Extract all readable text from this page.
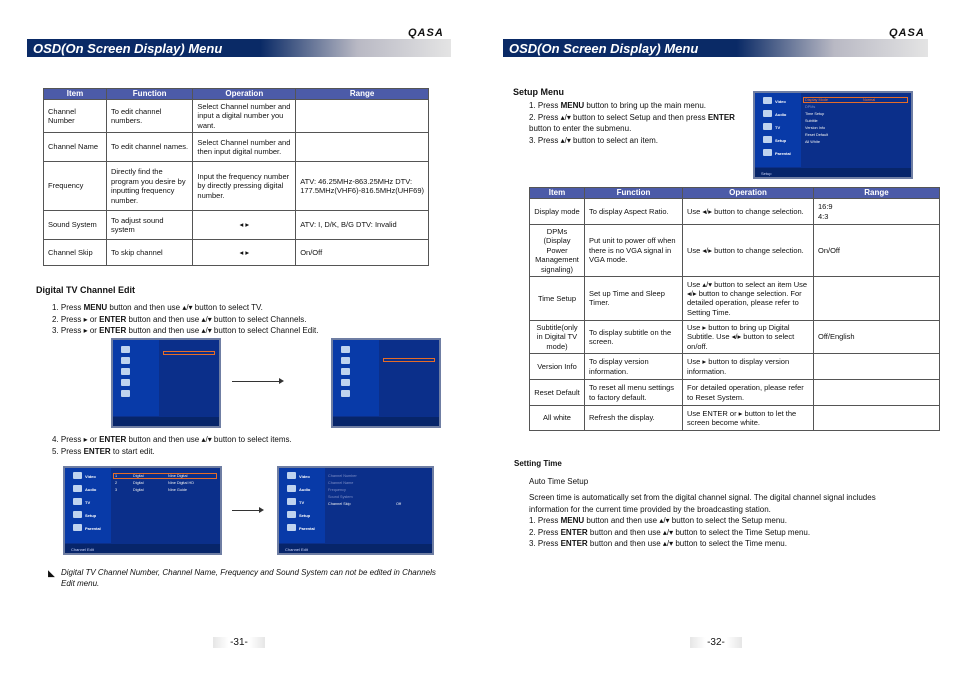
QASA
OSD(On Screen Display) Menu
Item	Function	Operation	Range
Channel Number	To edit channel numbers.	Select Channel number and input a digital number you want.	
Channel Name	To edit channel names.	Select Channel number and then input digital number.	
Frequency	Directly find the program you desire by inputting frequency number.	Input the frequency number by directly pressing digital number.	ATV: 46.25MHz-863.25MHz DTV: 177.5MHz(VHF6)-816.5MHz(UHF69)
Sound System	To adjust sound system	◂ ▸	ATV: I, D/K, B/G DTV: Invalid
Channel Skip	To skip channel	◂ ▸	On/Off
Digital TV Channel Edit
1. Press MENU button and then use ▴/▾ button to select TV.
2. Press ▸ or ENTER button and then use ▴/▾ button to select Channels.
3. Press ▸ or ENTER button and then use ▴/▾ button to select Channel Edit.
4. Press ▸ or ENTER button and then use ▴/▾ button to select items.
5. Press ENTER to start edit.
Video
Audio
TV
Setup
Parental
1	Digital	Nine Digital
2	Digital	Nine Digital HD
3	Digital	Nine Guide
Channel Edit
Video
Audio
TV
Setup
Parental
Channel Number
Channel Name
Frequency
Sound System
Channel Skip	Off
Channel Edit
◣ Digital TV Channel Number, Channel Name, Frequency and Sound System can not be edited in Channels Edit menu.
-31-
QASA
OSD(On Screen Display) Menu
Setup Menu
1. Press MENU button to bring up the main menu.
2. Press ▴/▾ button to select Setup and then press ENTER button to enter the submenu.
3. Press ▴/▾ button to select an item.
Video
Audio
TV
Setup
Parental
Display Mode	Normal
DPMs
Time Setup
Subtitle
Version Info
Reset Default
All White
Setup
Item	Function	Operation	Range
Display mode	To display Aspect Ratio.	Use ◂/▸ button to change selection.	16:9
4:3
DPMs (Display Power Management signaling)	Put unit to power off when there is no VGA signal in VGA mode.	Use ◂/▸ button to change selection.	On/Off
Time Setup	Set up Time and Sleep Timer.	Use ▴/▾ button to select an item Use ◂/▸ button to change selection. For detailed operation, please refer to Setting Time.	
Subtitle(only in Digital TV mode)	To display subtitle on the screen.	Use ▸ button to bring up Digital Subtitle. Use ◂/▸ button to select on/off.	Off/English
Version Info	To display version information.	Use ▸ button to display version information.	
Reset Default	To reset all menu settings to factory default.	For detailed operation, please refer to Reset System.	
All white	Refresh the display.	Use ENTER or ▸ button to let the screen become white.	
Setting Time
Auto Time Setup
Screen time is automatically set from the digital channel signal. The digital channel signal includes information for the current time provided by the broadcasting station.
1. Press MENU button and then use ▴/▾ button to select the Setup menu.
2. Press ENTER button and then use ▴/▾ button to select the Time Setup menu.
3. Press ENTER button and then use ▴/▾ button to select the Time menu.
-32-
